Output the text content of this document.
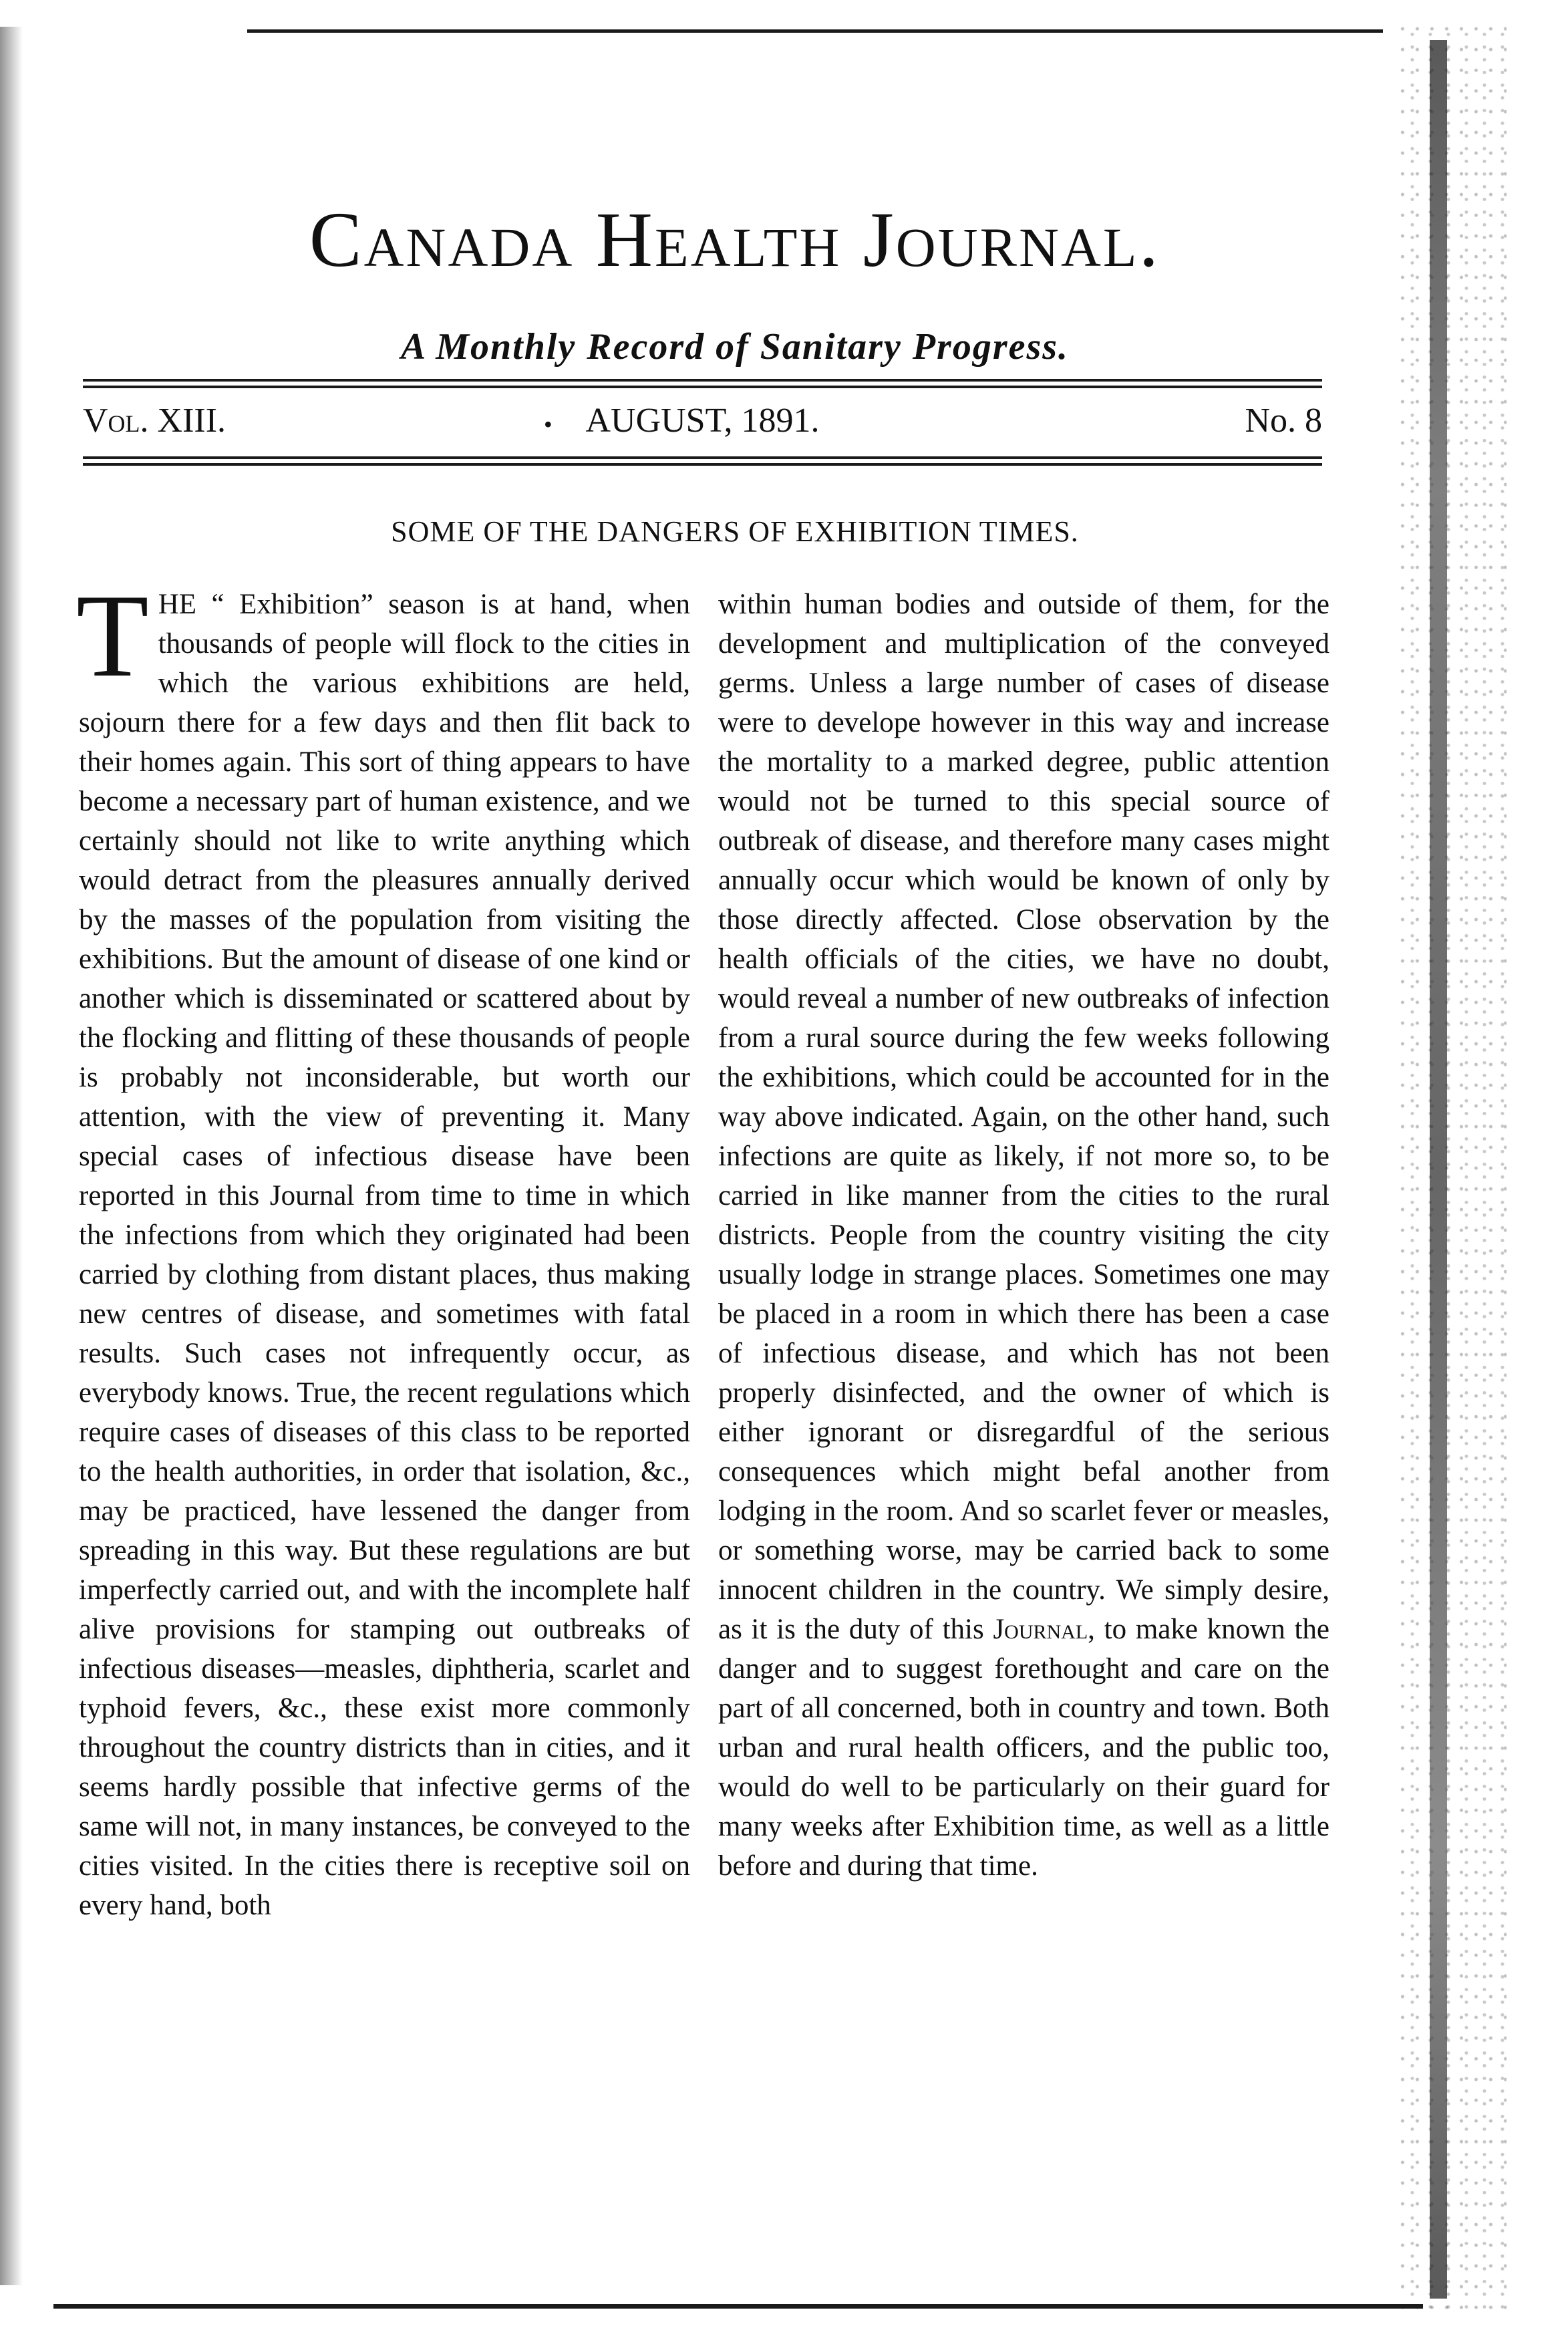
Canada Health Journal.
A Monthly Record of Sanitary Progress.
Vol. XIII.	• AUGUST, 1891.	No. 8
SOME OF THE DANGERS OF EXHIBITION TIMES.
THE “ Exhibition” season is at hand, when thousands of people will flock to the cities in which the various exhibitions are held, sojourn there for a few days and then flit back to their homes again. This sort of thing appears to have become a necessary part of human existence, and we certainly should not like to write anything which would detract from the pleasures annually derived by the masses of the population from visiting the exhibitions. But the amount of disease of one kind or another which is disseminated or scattered about by the flocking and flitting of these thousands of people is probably not inconsiderable, but worth our attention, with the view of preventing it. Many special cases of infectious disease have been reported in this Journal from time to time in which the infections from which they originated had been carried by clothing from distant places, thus making new centres of disease, and sometimes with fatal results. Such cases not infrequently occur, as everybody knows. True, the recent regulations which require cases of diseases of this class to be reported to the health authorities, in order that isolation, &c., may be practiced, have lessened the danger from spreading in this way. But these regulations are but imperfectly carried out, and with the incomplete half alive provisions for stamping out outbreaks of infectious diseases—measles, diphtheria, scarlet and typhoid fevers, &c., these exist more commonly throughout the country districts than in cities, and it seems hardly possible that infective germs of the same will not, in many instances, be conveyed to the cities visited. In the cities there is receptive soil on every hand, both
within human bodies and outside of them, for the development and multiplication of the conveyed germs. Unless a large number of cases of disease were to develope however in this way and increase the mortality to a marked degree, public attention would not be turned to this special source of outbreak of disease, and therefore many cases might annually occur which would be known of only by those directly affected. Close observation by the health officials of the cities, we have no doubt, would reveal a number of new outbreaks of infection from a rural source during the few weeks following the exhibitions, which could be accounted for in the way above indicated. Again, on the other hand, such infections are quite as likely, if not more so, to be carried in like manner from the cities to the rural districts. People from the country visiting the city usually lodge in strange places. Sometimes one may be placed in a room in which there has been a case of infectious disease, and which has not been properly disinfected, and the owner of which is either ignorant or disregardful of the serious consequences which might befal another from lodging in the room. And so scarlet fever or measles, or something worse, may be carried back to some innocent children in the country. We simply desire, as it is the duty of this Journal, to make known the danger and to suggest forethought and care on the part of all concerned, both in country and town. Both urban and rural health officers, and the public too, would do well to be particularly on their guard for many weeks after Exhibition time, as well as a little before and during that time.
